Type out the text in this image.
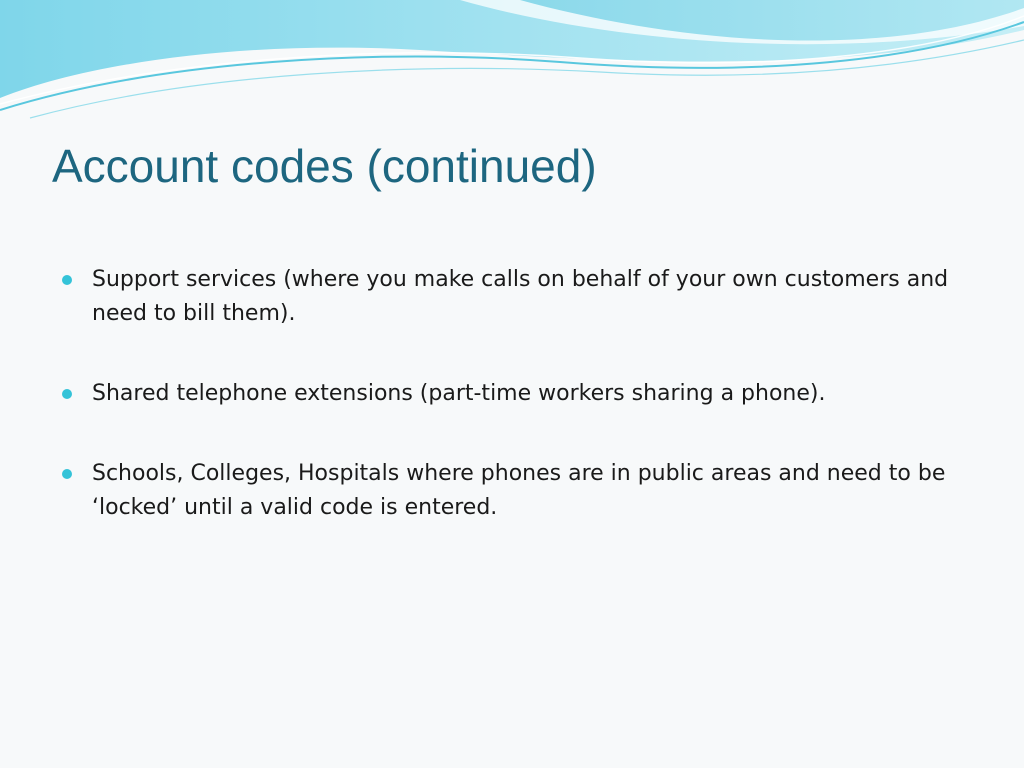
Account codes (continued)
Support services (where you make calls on behalf of your own customers and need to bill them).
Shared telephone extensions (part-time workers sharing a phone).
Schools, Colleges, Hospitals where phones are in public areas and need to be ‘locked’ until a valid code is entered.
